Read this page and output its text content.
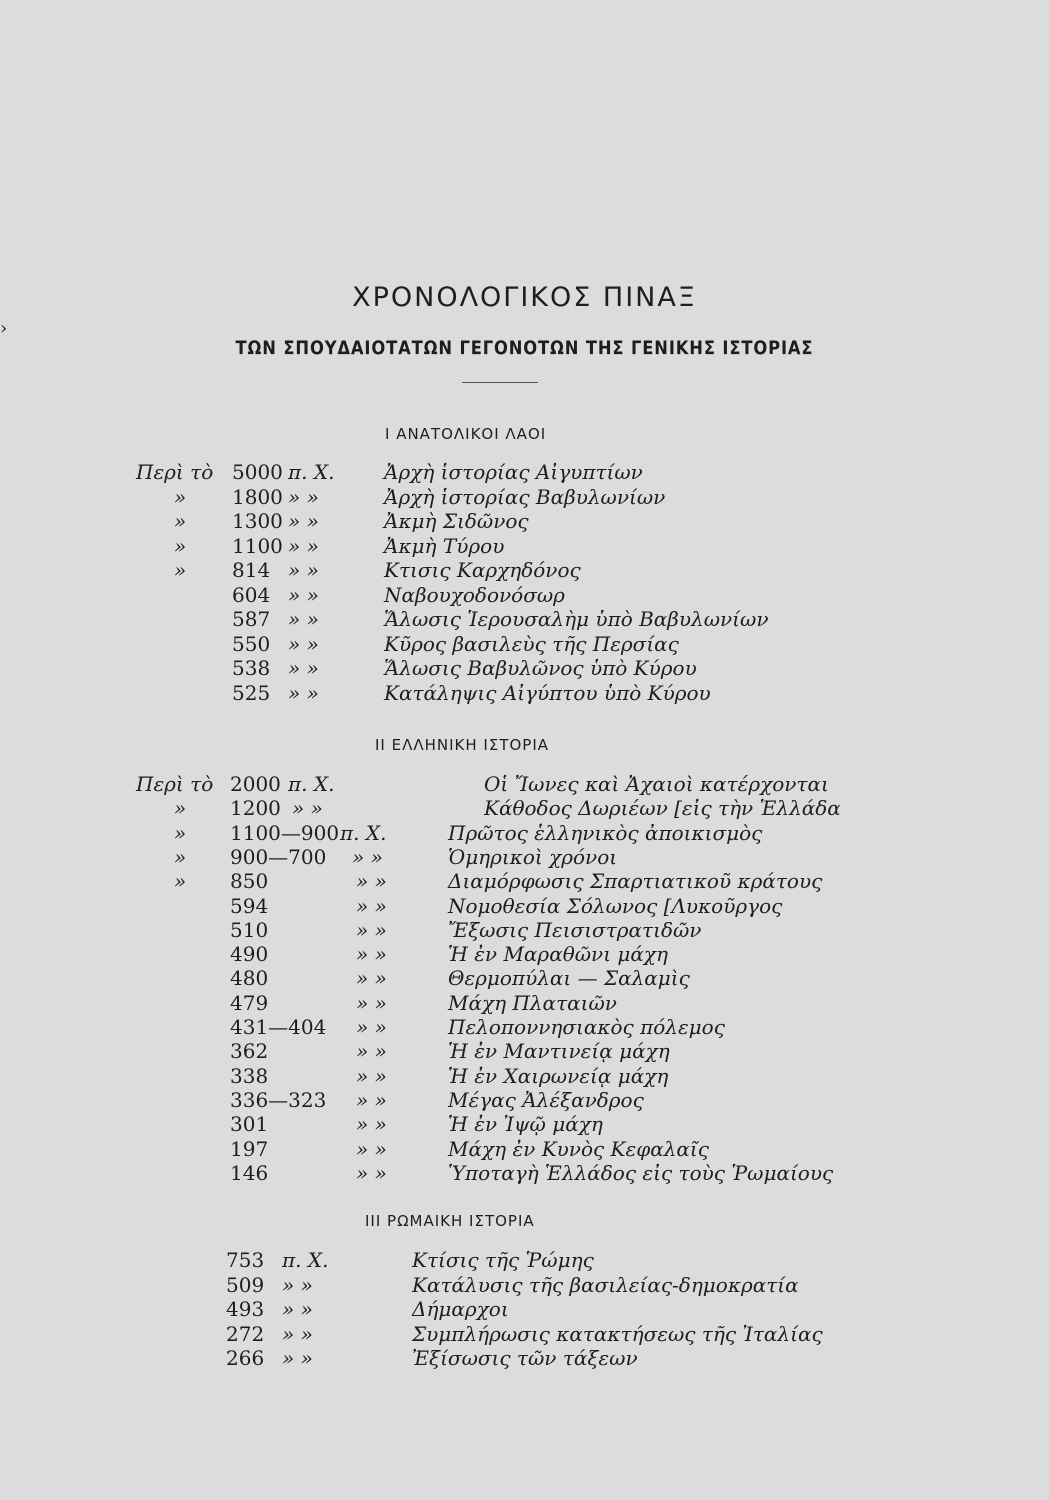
›
ΧΡΟΝΟΛΟΓΙΚΟΣ ΠΙΝΑΞ
ΤΩΝ ΣΠΟΥΔΑΙΟΤΑΤΩΝ ΓΕΓΟΝΟΤΩΝ ΤΗΣ ΓΕΝΙΚΗΣ ΙΣΤΟΡΙΑΣ
I ΑΝΑΤΟΛΙΚΟΙ ΛΑΟΙ
II ΕΛΛΗΝΙΚΗ ΙΣΤΟΡΙΑ
III ΡΩΜΑΙΚΗ ΙΣΤΟΡΙΑ
Περὶ τὸ 5000 π. Χ. Ἀρχὴ ἱστορίας Αἰγυπτίων
» 1800 » »	Ἀρχὴ ἱστορίας Βαβυλωνίων
» 1300 » »	Ἀκμὴ Σιδῶνος
» 1100 » »	Ἀκμὴ Τύρου
» 814 » »	Κτισις Καρχηδόνος
604 » »	Ναβουχοδονόσωρ
587 » »	Ἅλωσις Ἱερουσαλὴμ ὑπὸ Βαβυλωνίων
550 » »	Κῦρος βασιλεὺς τῆς Περσίας
538 » »	Ἅλωσις Βαβυλῶνος ὑπὸ Κύρου
525 » »	Κατάληψις Αἰγύπτου ὑπὸ Κύρου
Περὶ τὸ 2000 π. Χ.	Οἱ Ἴωνες καὶ Ἀχαιοὶ κατέρχονται
» 1200 » »	Κάθοδος Δωριέων [εἰς τὴν Ἑλλάδα
» 1100—900 π. Χ.	Πρῶτος ἑλληνικὸς ἀποικισμὸς
» 900—700 » »	Ὁμηρικοὶ χρόνοι
» 850	» »	Διαμόρφωσις Σπαρτιατικοῦ κράτους
594	» »	Νομοθεσία Σόλωνος [Λυκοῦργος
510	» »	Ἔξωσις Πεισιστρατιδῶν
490	» »	Ἡ ἐν Μαραθῶνι μάχη
480	» »	Θερμοπύλαι — Σαλαμὶς
479	» »	Μάχη Πλαταιῶν
431—404 » »	Πελοποννησιακὸς πόλεμος
362	» »	Ἡ ἐν Μαντινείᾳ μάχη
338	» »	Ἡ ἐν Χαιρωνείᾳ μάχη
336—323 » »	Μέγας Ἀλέξανδρος
301	» »	Ἡ ἐν Ἰψῷ μάχη
197	» »	Μάχη ἐν Κυνὸς Κεφαλαῖς
146	» »	Ὑποταγὴ Ἑλλάδος εἰς τοὺς Ῥωμαίους
753 π. Χ.	Κτίσις τῆς Ῥώμης
509 » »	Κατάλυσις τῆς βασιλείας-δημοκρατία
493 » »	Δήμαρχοι
272 » »	Συμπλήρωσις κατακτήσεως τῆς Ἰταλίας
266 » »	Ἐξίσωσις τῶν τάξεων
